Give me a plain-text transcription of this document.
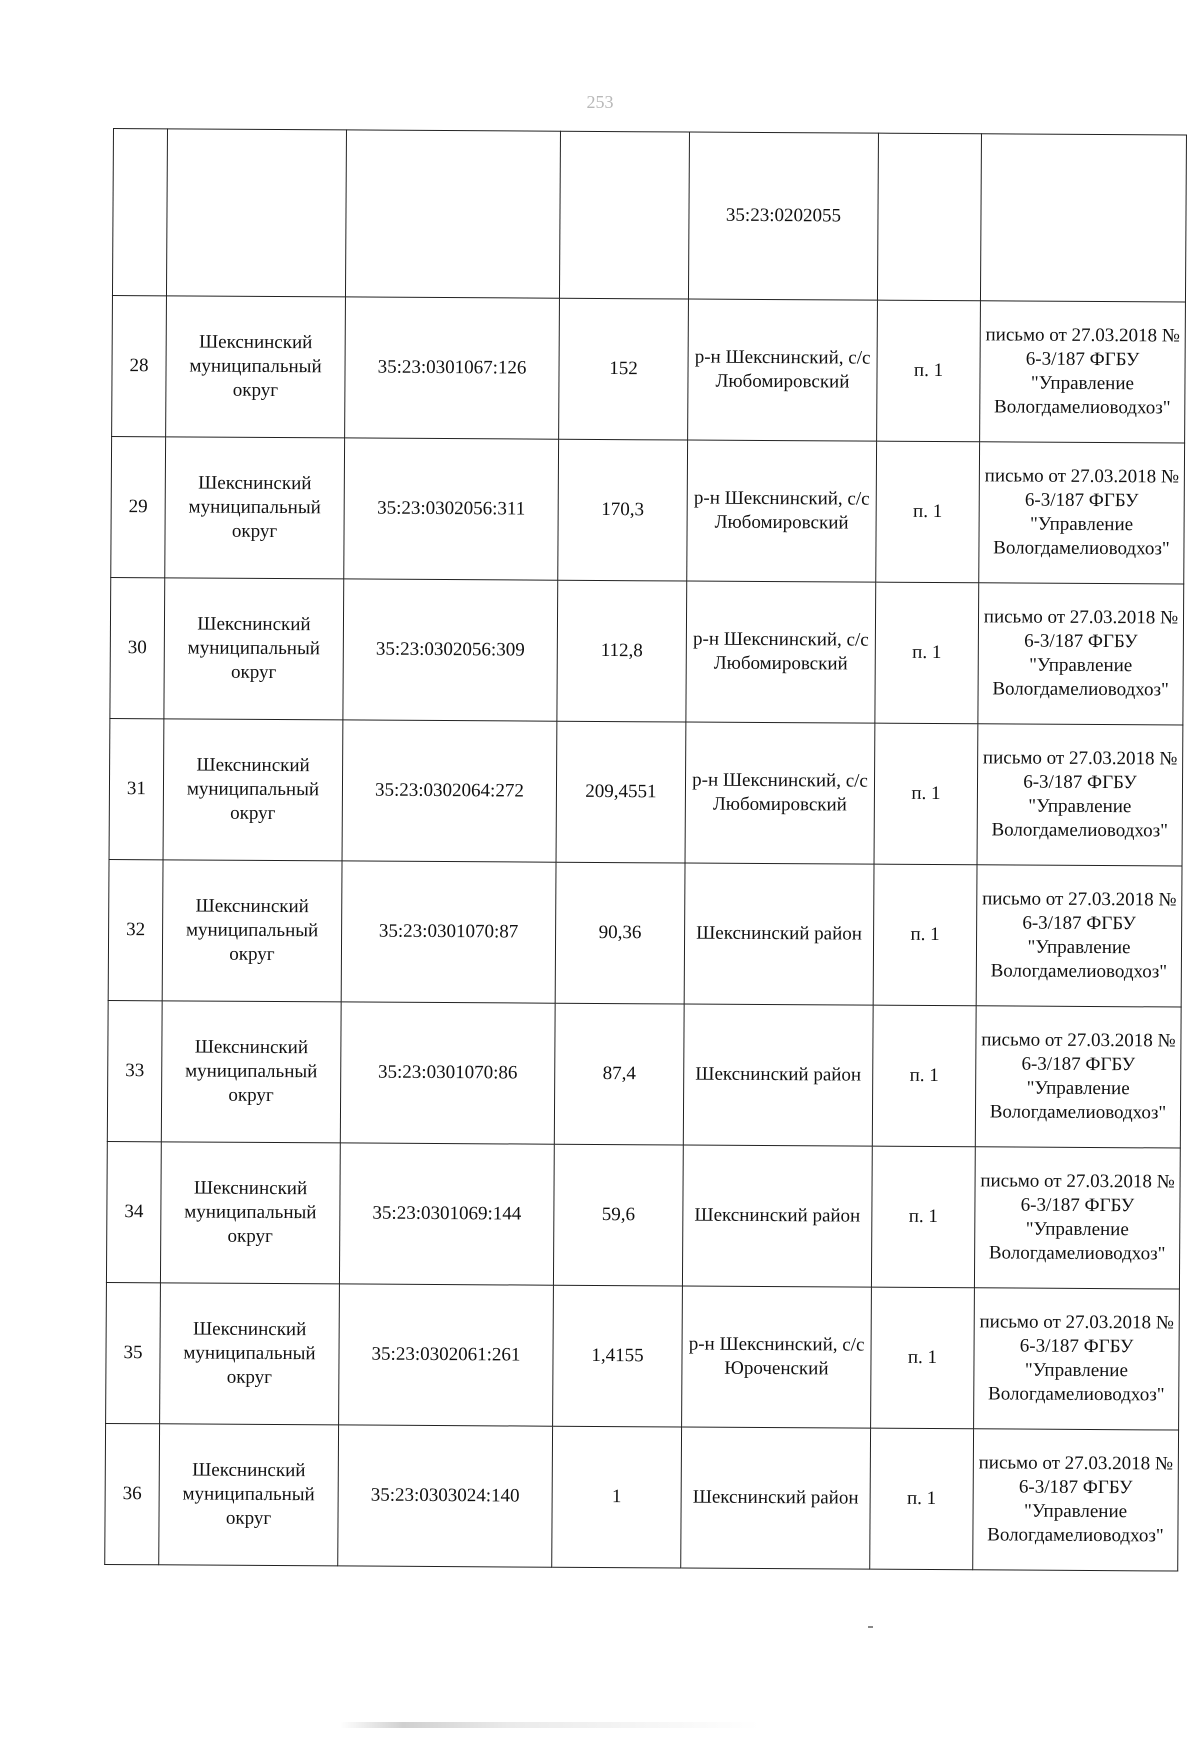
253
				35:23:0202055		
28	Шекснинский муниципальный округ	35:23:0301067:126	152	р-н Шекснинский, с/с Любомировский	п. 1	письмо от 27.03.2018 № 6-3/187 ФГБУ "Управление Вологдамелиоводхоз"
29	Шекснинский муниципальный округ	35:23:0302056:311	170,3	р-н Шекснинский, с/с Любомировский	п. 1	письмо от 27.03.2018 № 6-3/187 ФГБУ "Управление Вологдамелиоводхоз"
30	Шекснинский муниципальный округ	35:23:0302056:309	112,8	р-н Шекснинский, с/с Любомировский	п. 1	письмо от 27.03.2018 № 6-3/187 ФГБУ "Управление Вологдамелиоводхоз"
31	Шекснинский муниципальный округ	35:23:0302064:272	209,4551	р-н Шекснинский, с/с Любомировский	п. 1	письмо от 27.03.2018 № 6-3/187 ФГБУ "Управление Вологдамелиоводхоз"
32	Шекснинский муниципальный округ	35:23:0301070:87	90,36	Шекснинский район	п. 1	письмо от 27.03.2018 № 6-3/187 ФГБУ "Управление Вологдамелиоводхоз"
33	Шекснинский муниципальный округ	35:23:0301070:86	87,4	Шекснинский район	п. 1	письмо от 27.03.2018 № 6-3/187 ФГБУ "Управление Вологдамелиоводхоз"
34	Шекснинский муниципальный округ	35:23:0301069:144	59,6	Шекснинский район	п. 1	письмо от 27.03.2018 № 6-3/187 ФГБУ "Управление Вологдамелиоводхоз"
35	Шекснинский муниципальный округ	35:23:0302061:261	1,4155	р-н Шекснинский, с/с Юроченский	п. 1	письмо от 27.03.2018 № 6-3/187 ФГБУ "Управление Вологдамелиоводхоз"
36	Шекснинский муниципальный округ	35:23:0303024:140	1	Шекснинский район	п. 1	письмо от 27.03.2018 № 6-3/187 ФГБУ "Управление Вологдамелиоводхоз"
